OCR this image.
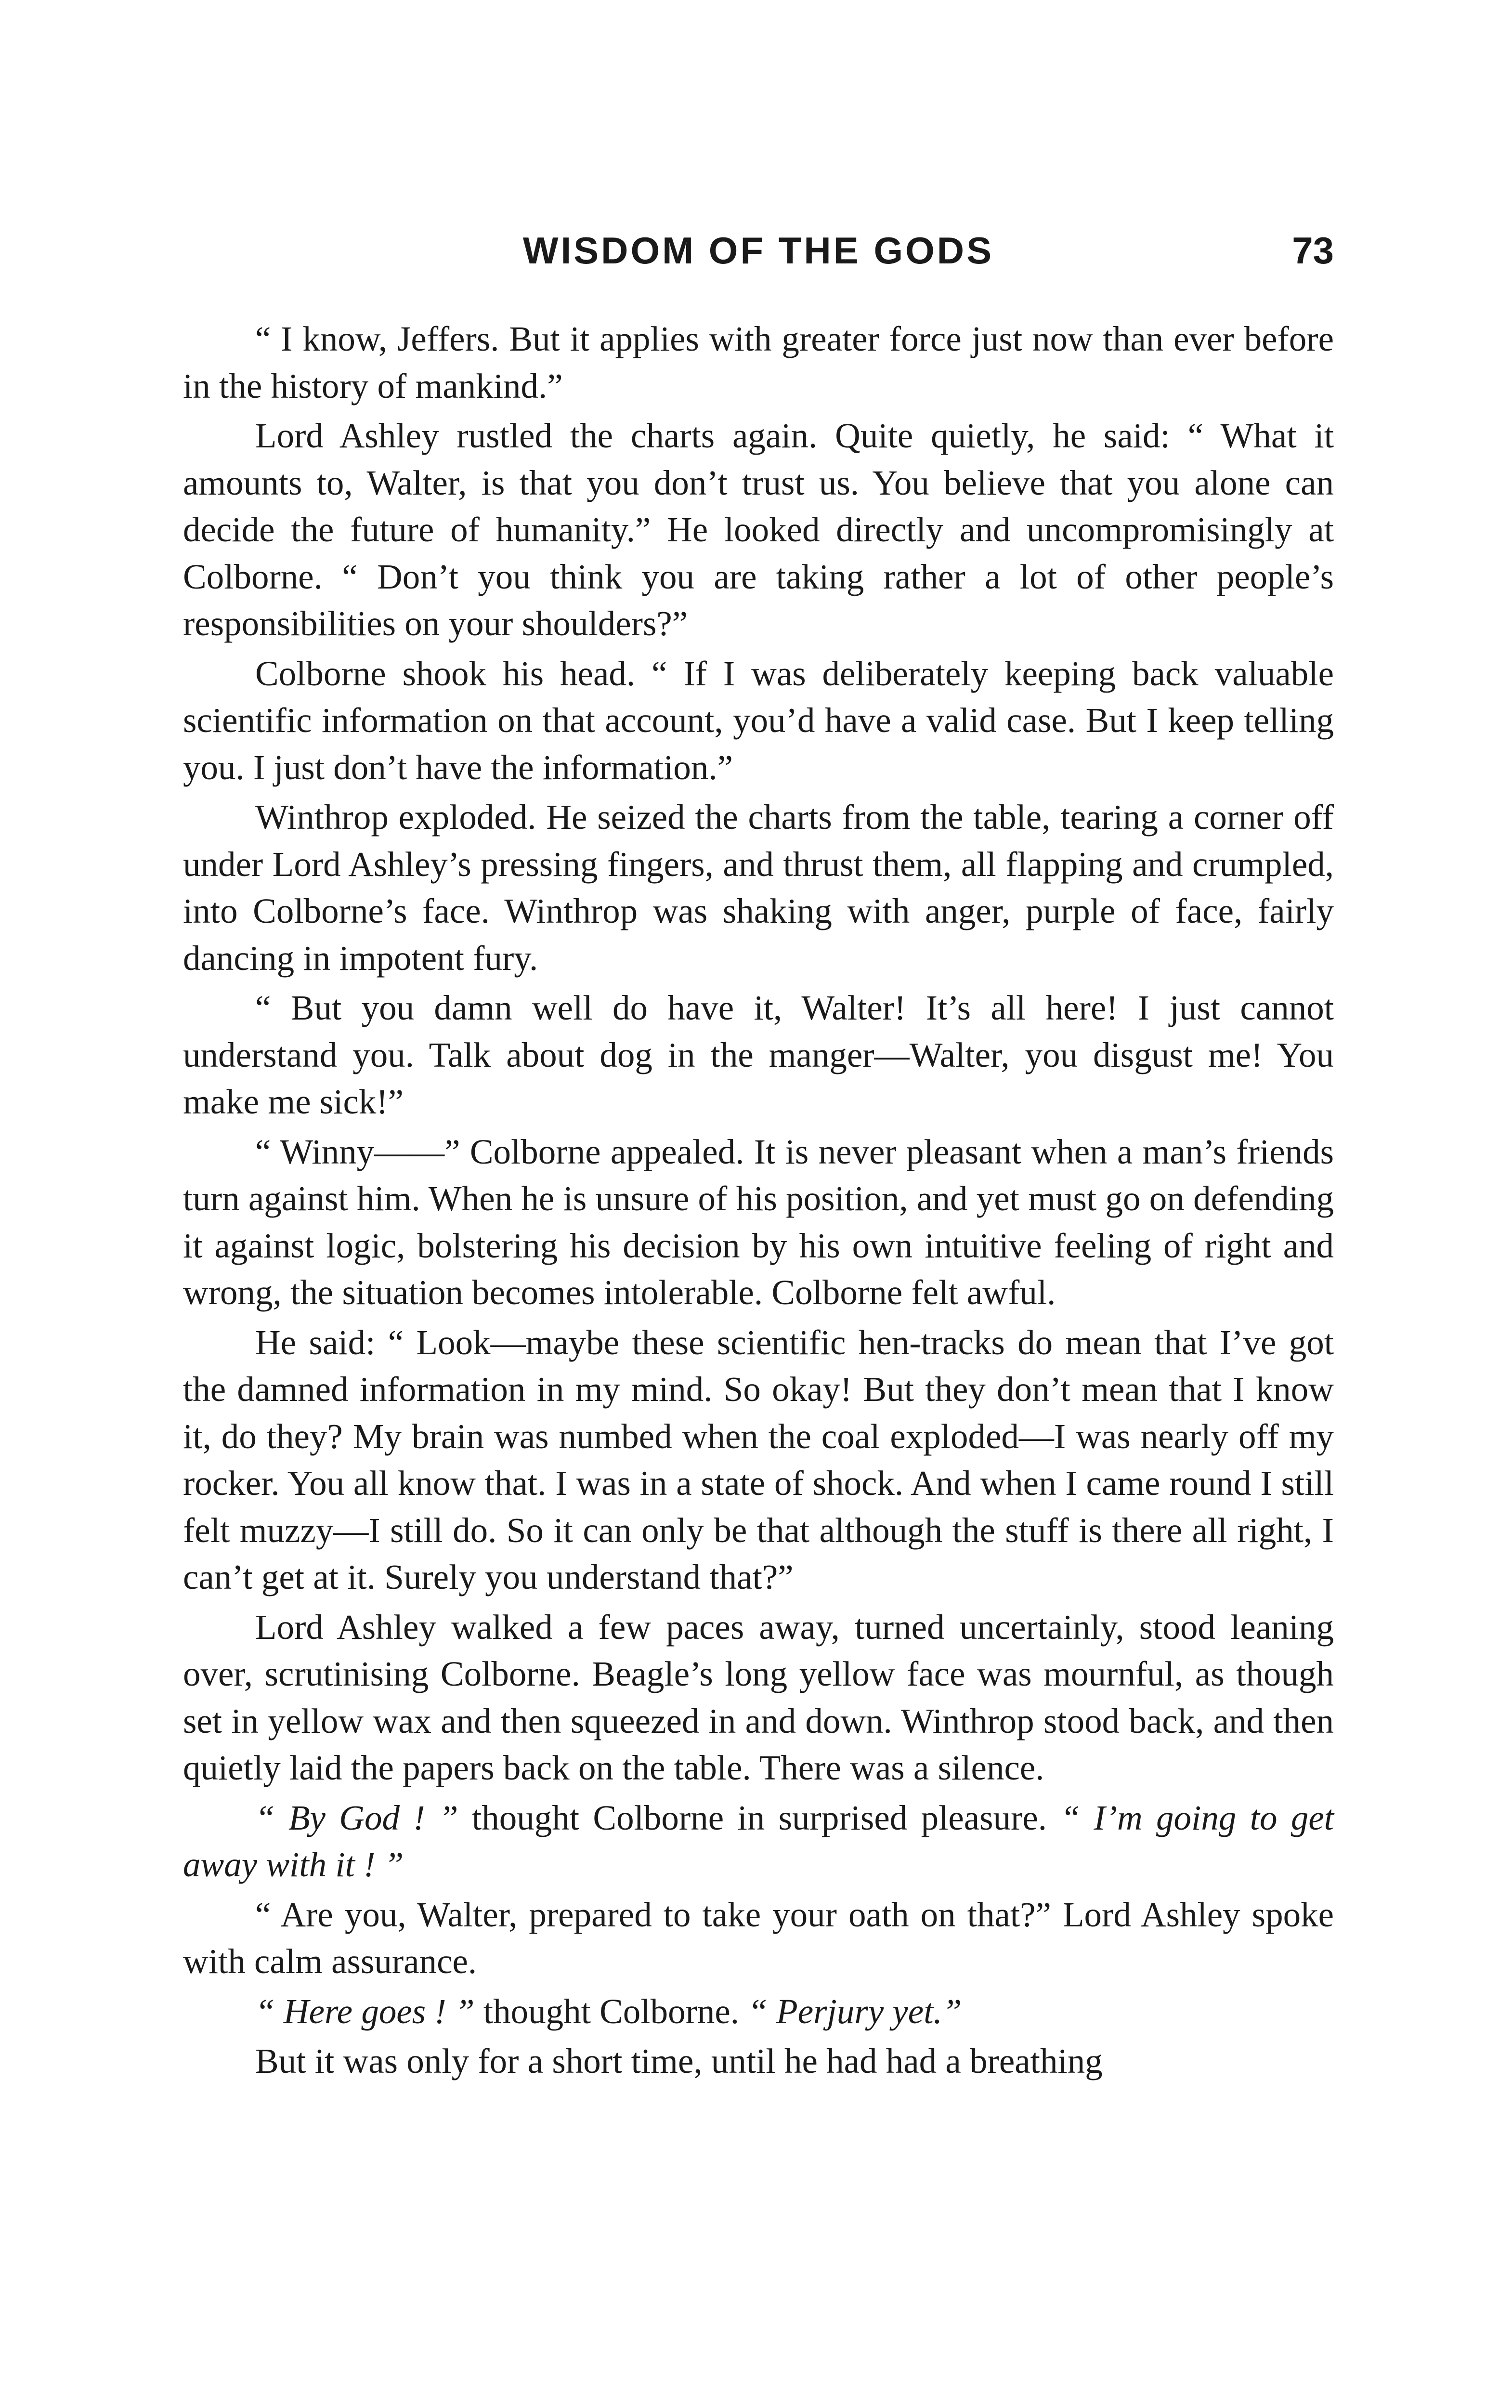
WISDOM OF THE GODS	73

“ I know, Jeffers. But it applies with greater force just now than ever before in the history of mankind.”

Lord Ashley rustled the charts again. Quite quietly, he said: “ What it amounts to, Walter, is that you don’t trust us. You believe that you alone can decide the future of humanity.” He looked directly and uncompromisingly at Colborne. “ Don’t you think you are taking rather a lot of other people’s responsibilities on your shoulders?”

Colborne shook his head. “ If I was deliberately keeping back valuable scientific information on that account, you’d have a valid case. But I keep telling you. I just don’t have the information.”

Winthrop exploded. He seized the charts from the table, tearing a corner off under Lord Ashley’s pressing fingers, and thrust them, all flapping and crumpled, into Colborne’s face. Winthrop was shaking with anger, purple of face, fairly dancing in impotent fury.

“ But you damn well do have it, Walter! It’s all here! I just cannot understand you. Talk about dog in the manger—Walter, you disgust me! You make me sick!”

“ Winny——” Colborne appealed. It is never pleasant when a man’s friends turn against him. When he is unsure of his position, and yet must go on defending it against logic, bolstering his decision by his own intuitive feeling of right and wrong, the situation becomes intolerable. Colborne felt awful.

He said: “ Look—maybe these scientific hen-tracks do mean that I’ve got the damned information in my mind. So okay! But they don’t mean that I know it, do they? My brain was numbed when the coal exploded—I was nearly off my rocker. You all know that. I was in a state of shock. And when I came round I still felt muzzy—I still do. So it can only be that although the stuff is there all right, I can’t get at it. Surely you understand that?”

Lord Ashley walked a few paces away, turned uncertainly, stood leaning over, scrutinising Colborne. Beagle’s long yellow face was mournful, as though set in yellow wax and then squeezed in and down. Winthrop stood back, and then quietly laid the papers back on the table. There was a silence.

“ By God ! ” thought Colborne in surprised pleasure. “ I’m going to get away with it ! ”

“ Are you, Walter, prepared to take your oath on that?” Lord Ashley spoke with calm assurance.

“ Here goes ! ” thought Colborne. “ Perjury yet.”

But it was only for a short time, until he had had a breathing
